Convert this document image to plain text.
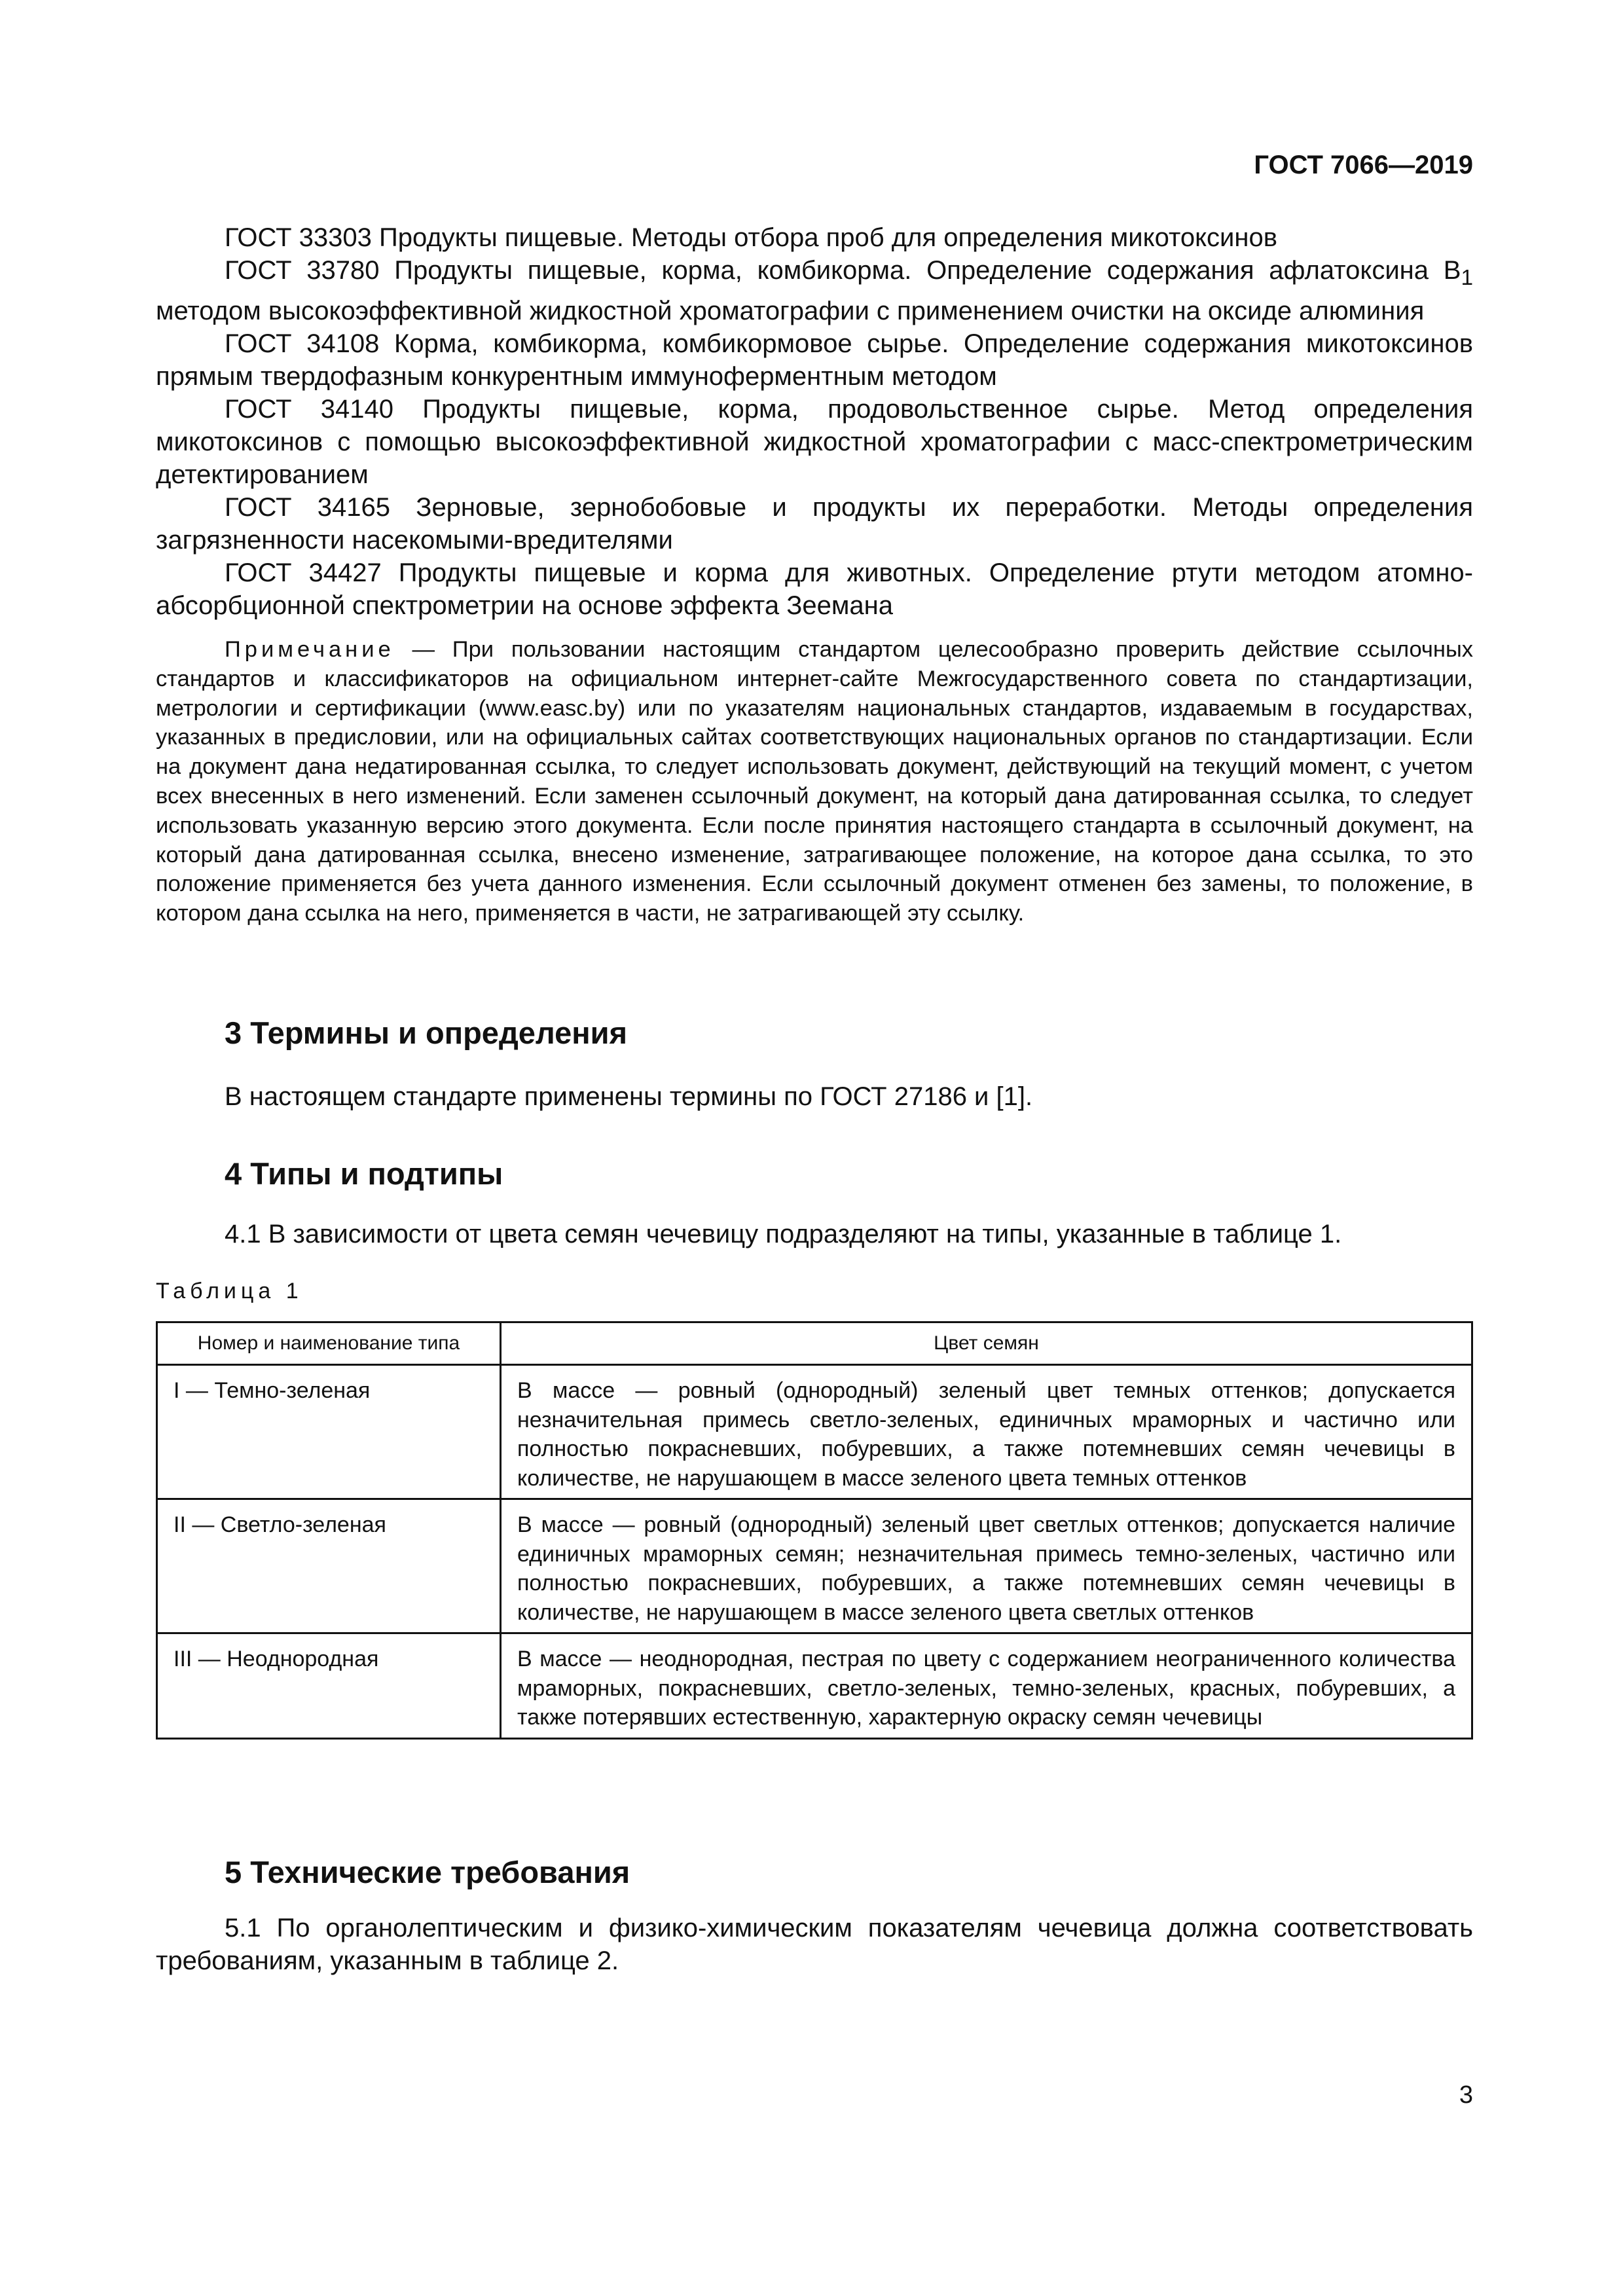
ГОСТ 7066—2019

ГОСТ 33303 Продукты пищевые. Методы отбора проб для определения микотоксинов

ГОСТ 33780 Продукты пищевые, корма, комбикорма. Определение содержания афлатоксина $B_1$ методом высокоэффективной жидкостной хроматографии с применением очистки на оксиде алюминия

ГОСТ 34108 Корма, комбикорма, комбикормовое сырье. Определение содержания микотоксинов прямым твердофазным конкурентным иммуноферментным методом

ГОСТ 34140 Продукты пищевые, корма, продовольственное сырье. Метод определения микотоксинов с помощью высокоэффективной жидкостной хроматографии с масс-спектрометрическим детектированием

ГОСТ 34165 Зерновые, зернобобовые и продукты их переработки. Методы определения загрязненности насекомыми-вредителями

ГОСТ 34427 Продукты пищевые и корма для животных. Определение ртути методом атомно-абсорбционной спектрометрии на основе эффекта Зеемана

Примечание — При пользовании настоящим стандартом целесообразно проверить действие ссылочных стандартов и классификаторов на официальном интернет-сайте Межгосударственного совета по стандартизации, метрологии и сертификации (www.easc.by) или по указателям национальных стандартов, издаваемым в государствах, указанных в предисловии, или на официальных сайтах соответствующих национальных органов по стандартизации. Если на документ дана недатированная ссылка, то следует использовать документ, действующий на текущий момент, с учетом всех внесенных в него изменений. Если заменен ссылочный документ, на который дана датированная ссылка, то следует использовать указанную версию этого документа. Если после принятия настоящего стандарта в ссылочный документ, на который дана датированная ссылка, внесено изменение, затрагивающее положение, на которое дана ссылка, то это положение применяется без учета данного изменения. Если ссылочный документ отменен без замены, то положение, в котором дана ссылка на него, применяется в части, не затрагивающей эту ссылку.

3 Термины и определения

В настоящем стандарте применены термины по ГОСТ 27186 и [1].

4 Типы и подтипы

4.1 В зависимости от цвета семян чечевицу подразделяют на типы, указанные в таблице 1.

Таблица 1
Номер и наименование типа	Цвет семян
I — Темно-зеленая	В массе — ровный (однородный) зеленый цвет темных оттенков; допускается незначительная примесь светло-зеленых, единичных мраморных и частично или полностью покрасневших, побуревших, а также потемневших семян чечевицы в количестве, не нарушающем в массе зеленого цвета темных оттенков
II — Светло-зеленая	В массе — ровный (однородный) зеленый цвет светлых оттенков; допускается наличие единичных мраморных семян; незначительная примесь темно-зеленых, частично или полностью покрасневших, побуревших, а также потемневших семян чечевицы в количестве, не нарушающем в массе зеленого цвета светлых оттенков
III — Неоднородная	В массе — неоднородная, пестрая по цвету с содержанием неограниченного количества мраморных, покрасневших, светло-зеленых, темно-зеленых, красных, побуревших, а также потерявших естественную, характерную окраску семян чечевицы
5 Технические требования

5.1 По органолептическим и физико-химическим показателям чечевица должна соответствовать требованиям, указанным в таблице 2.

3
